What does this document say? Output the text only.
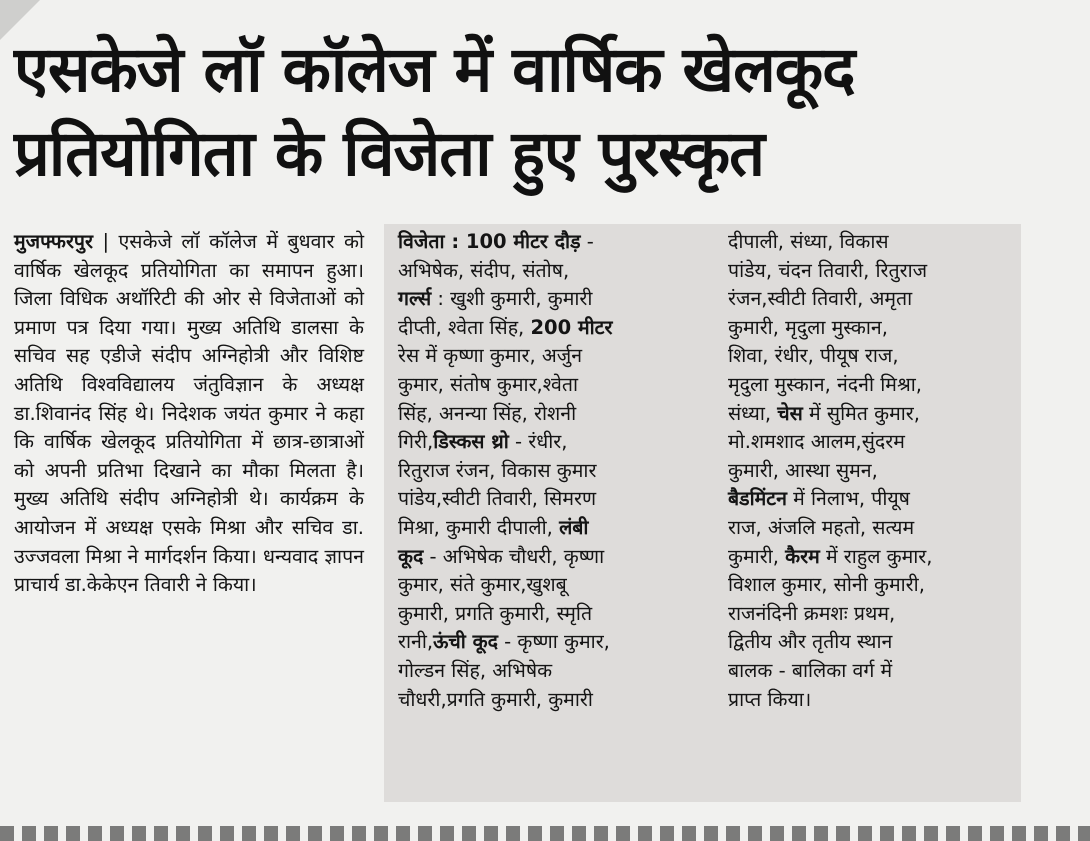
एसकेजे लॉ कॉलेज में वार्षिक खेलकूद
प्रतियोगिता के विजेता हुए पुरस्कृत

मुजफ्फरपुर | एसकेजे लॉ कॉलेज में बुधवार को वार्षिक खेलकूद प्रतियोगिता का समापन हुआ। जिला विधिक अथॉरिटी की ओर से विजेताओं को प्रमाण पत्र दिया गया। मुख्य अतिथि डालसा के सचिव सह एडीजे संदीप अग्निहोत्री और विशिष्ट अतिथि विश्वविद्यालय जंतुविज्ञान के अध्यक्ष डा.शिवानंद सिंह थे। निदेशक जयंत कुमार ने कहा कि वार्षिक खेलकूद प्रतियोगिता में छात्र-छात्राओं को अपनी प्रतिभा दिखाने का मौका मिलता है। मुख्य अतिथि संदीप अग्निहोत्री थे। कार्यक्रम के आयोजन में अध्यक्ष एसके मिश्रा और सचिव डा. उज्जवला मिश्रा ने मार्गदर्शन किया। धन्यवाद ज्ञापन प्राचार्य डा.केकेएन तिवारी ने किया।

विजेता : 100 मीटर दौड़ -

अभिषेक, संदीप, संतोष,

गर्ल्स : खुशी कुमारी, कुमारी

दीप्ती, श्वेता सिंह, 200 मीटर

रेस में कृष्णा कुमार, अर्जुन

कुमार, संतोष कुमार,श्वेता

सिंह, अनन्या सिंह, रोशनी

गिरी,डिस्कस थ्रो - रंधीर,

रितुराज रंजन, विकास कुमार

पांडेय,स्वीटी तिवारी, सिमरण

मिश्रा, कुमारी दीपाली, लंबी

कूद - अभिषेक चौधरी, कृष्णा

कुमार, संते कुमार,खुशबू

कुमारी, प्रगति कुमारी, स्मृति

रानी,ऊंची कूद - कृष्णा कुमार,

गोल्डन सिंह, अभिषेक

चौधरी,प्रगति कुमारी, कुमारी

दीपाली, संध्या, विकास

पांडेय, चंदन तिवारी, रितुराज

रंजन,स्वीटी तिवारी, अमृता

कुमारी, मृदुला मुस्कान,

शिवा, रंधीर, पीयूष राज,

मृदुला मुस्कान, नंदनी मिश्रा,

संध्या, चेस में सुमित कुमार,

मो.शमशाद आलम,सुंदरम

कुमारी, आस्था सुमन,

बैडमिंटन में निलाभ, पीयूष

राज, अंजलि महतो, सत्यम

कुमारी, कैरम में राहुल कुमार,

विशाल कुमार, सोनी कुमारी,

राजनंदिनी क्रमशः प्रथम,

द्वितीय और तृतीय स्थान

बालक - बालिका वर्ग में

प्राप्त किया।
